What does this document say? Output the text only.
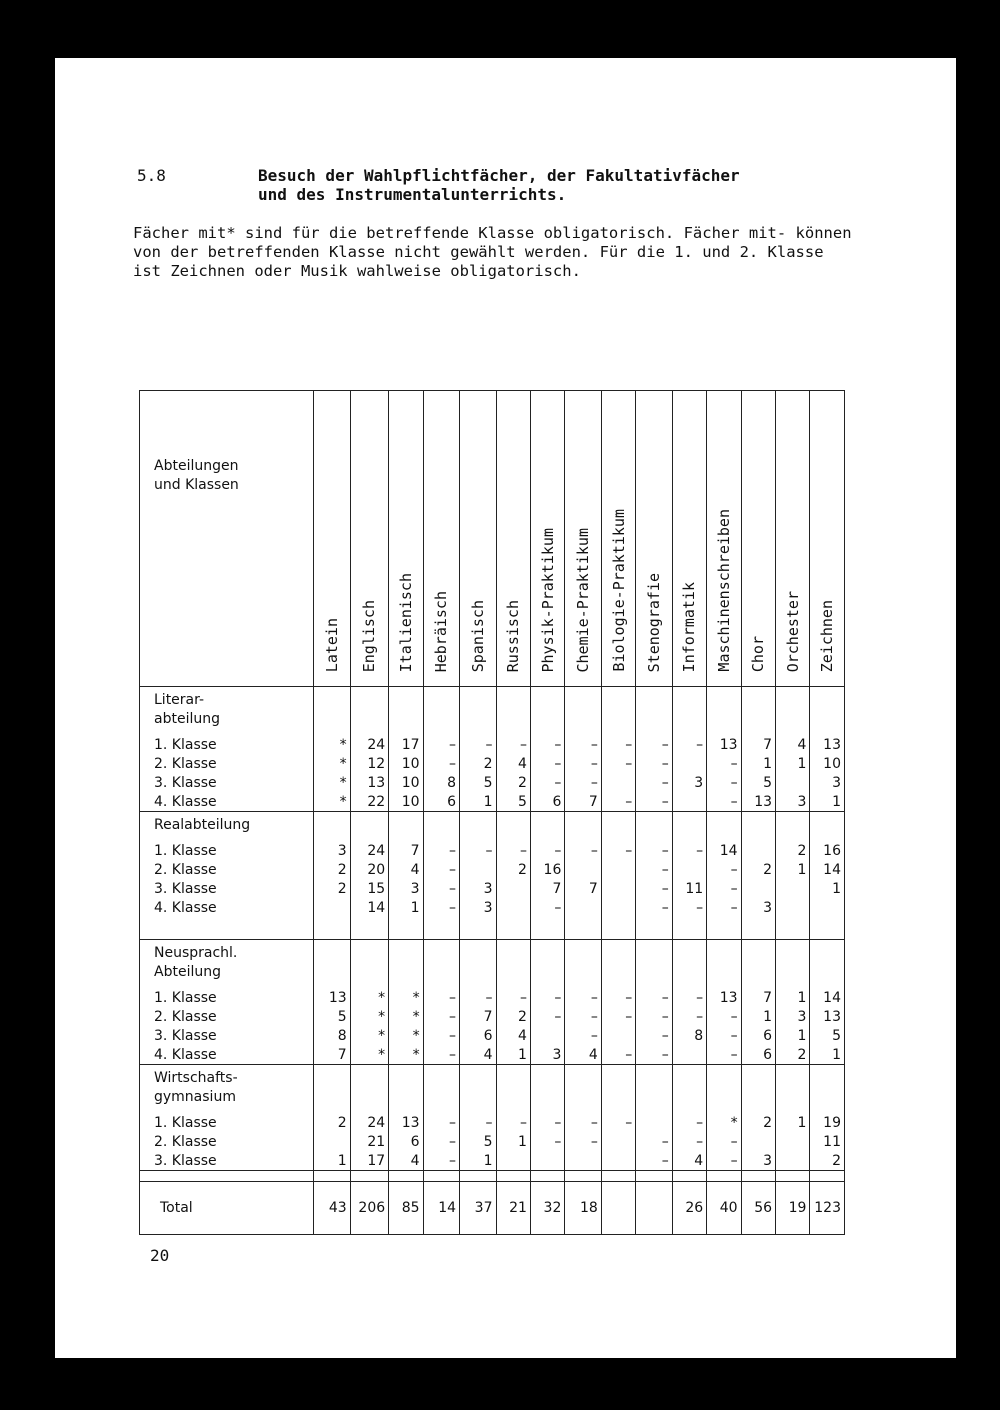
5.8	Besuch der Wahlpflichtfächer, der Fakultativfächer
und des Instrumentalunterrichts.
Fächer mit* sind für die betreffende Klasse obligatorisch. Fächer mit- können von der betreffenden Klasse nicht gewählt werden. Für die 1. und 2. Klasse ist Zeichnen oder Musik wahlweise obligatorisch.
Abteilungen
und Klassen	Latein	Englisch	Italienisch	Hebräisch	Spanisch	Russisch	Physik-Praktikum	Chemie-Praktikum	Biologie-Praktikum	Stenografie	Informatik	Maschinenschreiben	Chor	Orchester	Zeichnen

Literar-
abteilung															
1. Klasse	*	24	17	–	–	–	–	–	–	–	–	13	7	4	13
2. Klasse	*	12	10	–	2	4	–	–	–	–		–	1	1	10
3. Klasse	*	13	10	8	5	2	–	–		–	3	–	5		3
4. Klasse	*	22	10	6	1	5	6	7	–	–		–	13	3	1
Realabteilung															
1. Klasse	3	24	7	–	–	–	–	–	–	–	–	14		2	16
2. Klasse	2	20	4	–		2	16			–		–	2	1	14
3. Klasse	2	15	3	–	3		7	7		–	11	–			1
4. Klasse		14	1	–	3		–			–	–	–	3		

Neusprachl.
Abteilung															
1. Klasse	13	*	*	–	–	–	–	–	–	–	–	13	7	1	14
2. Klasse	5	*	*	–	7	2	–	–	–	–	–	–	1	3	13
3. Klasse	8	*	*	–	6	4		–		–	8	–	6	1	5
4. Klasse	7	*	*	–	4	1	3	4	–	–		–	6	2	1
Wirtschafts-
gymnasium															
1. Klasse	2	24	13	–	–	–	–	–	–		–	*	2	1	19
2. Klasse		21	6	–	5	1	–	–		–	–	–			11
3. Klasse	1	17	4	–	1					–	4	–	3		2

Total	43	206	85	14	37	21	32	18			26	40	56	19	123
20
